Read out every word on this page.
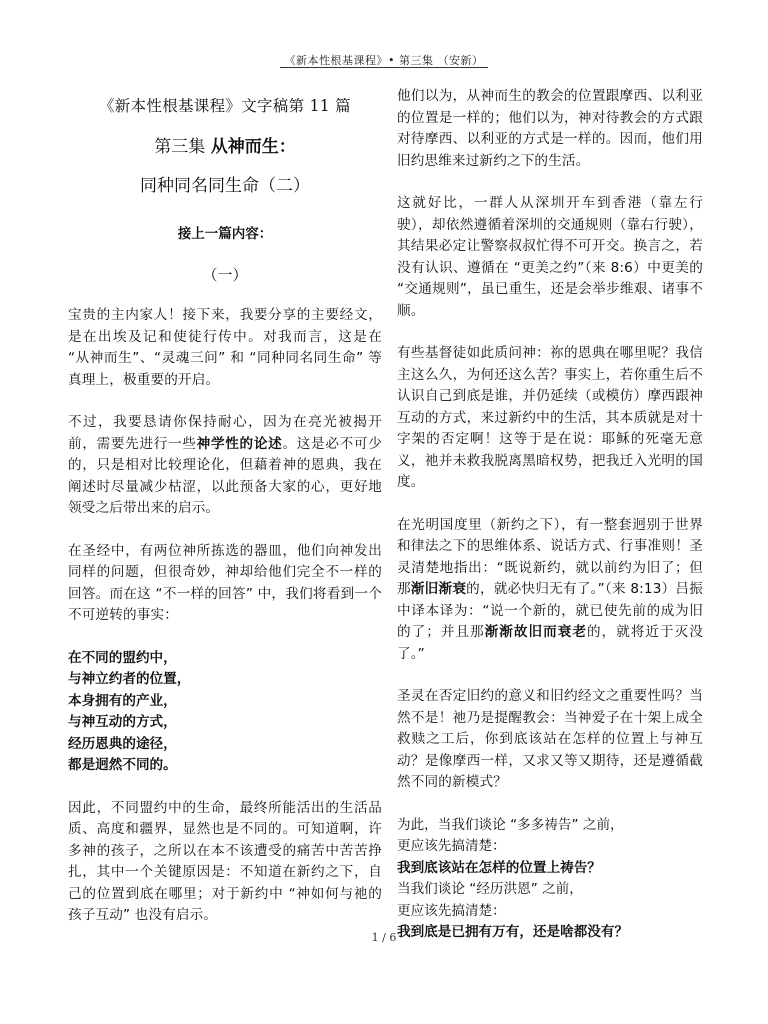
《新本性根基课程》• 第三集 （安新）
《新本性根基课程》文字稿第 11 篇
第三集 从神而生：
同种同名同生命（二）
接上一篇内容：
（一）

宝贵的主内家人！接下来，我要分享的主要经文，是在出埃及记和使徒行传中。对我而言，这是在 “从神而生”、“灵魂三问” 和 “同种同名同生命” 等真理上，极重要的开启。

不过，我要恳请你保持耐心，因为在亮光被揭开前，需要先进行一些神学性的论述。这是必不可少的，只是相对比较理论化，但藉着神的恩典，我在阐述时尽量减少枯涩，以此预备大家的心，更好地领受之后带出来的启示。

在圣经中，有两位神所拣选的器皿，他们向神发出同样的问题，但很奇妙，神却给他们完全不一样的回答。而在这 “不一样的回答” 中，我们将看到一个不可逆转的事实：

在不同的盟约中，
与神立约者的位置，
本身拥有的产业，
与神互动的方式，
经历恩典的途径，
都是迥然不同的。

因此，不同盟约中的生命，最终所能活出的生活品质、高度和疆界，显然也是不同的。可知道啊，许多神的孩子，之所以在本不该遭受的痛苦中苦苦挣扎，其中一个关键原因是：不知道在新约之下，自己的位置到底在哪里；对于新约中 “神如何与祂的孩子互动” 也没有启示。

他们以为，从神而生的教会的位置跟摩西、以利亚的位置是一样的；他们以为，神对待教会的方式跟对待摩西、以利亚的方式是一样的。因而，他们用旧约思维来过新约之下的生活。

这就好比，一群人从深圳开车到香港（靠左行驶），却依然遵循着深圳的交通规则（靠右行驶），其结果必定让警察叔叔忙得不可开交。换言之，若没有认识、遵循在 “更美之约”（来 8:6）中更美的 “交通规则”，虽已重生，还是会举步维艰、诸事不顺。

有些基督徒如此质问神：祢的恩典在哪里呢？我信主这么久，为何还这么苦？事实上，若你重生后不认识自己到底是谁，并仍延续（或模仿）摩西跟神互动的方式，来过新约中的生活，其本质就是对十字架的否定啊！这等于是在说：耶稣的死毫无意义，祂并未救我脱离黑暗权势，把我迁入光明的国度。

在光明国度里（新约之下），有一整套迥别于世界和律法之下的思维体系、说话方式、行事准则！圣灵清楚地指出：“既说新约，就以前约为旧了；但那渐旧渐衰的，就必快归无有了。”（来 8:13）吕振中译本译为：“说一个新的，就已使先前的成为旧的了；并且那渐渐故旧而衰老的，就将近于灭没了。”

圣灵在否定旧约的意义和旧约经文之重要性吗？当然不是！祂乃是提醒教会：当神爱子在十架上成全救赎之工后，你到底该站在怎样的位置上与神互动？是像摩西一样，又求又等又期待，还是遵循截然不同的新模式？

为此，当我们谈论 “多多祷告” 之前，
更应该先搞清楚：
我到底该站在怎样的位置上祷告？
当我们谈论 “经历洪恩” 之前，
更应该先搞清楚：
我到底是已拥有万有，还是啥都没有？
1 / 6
